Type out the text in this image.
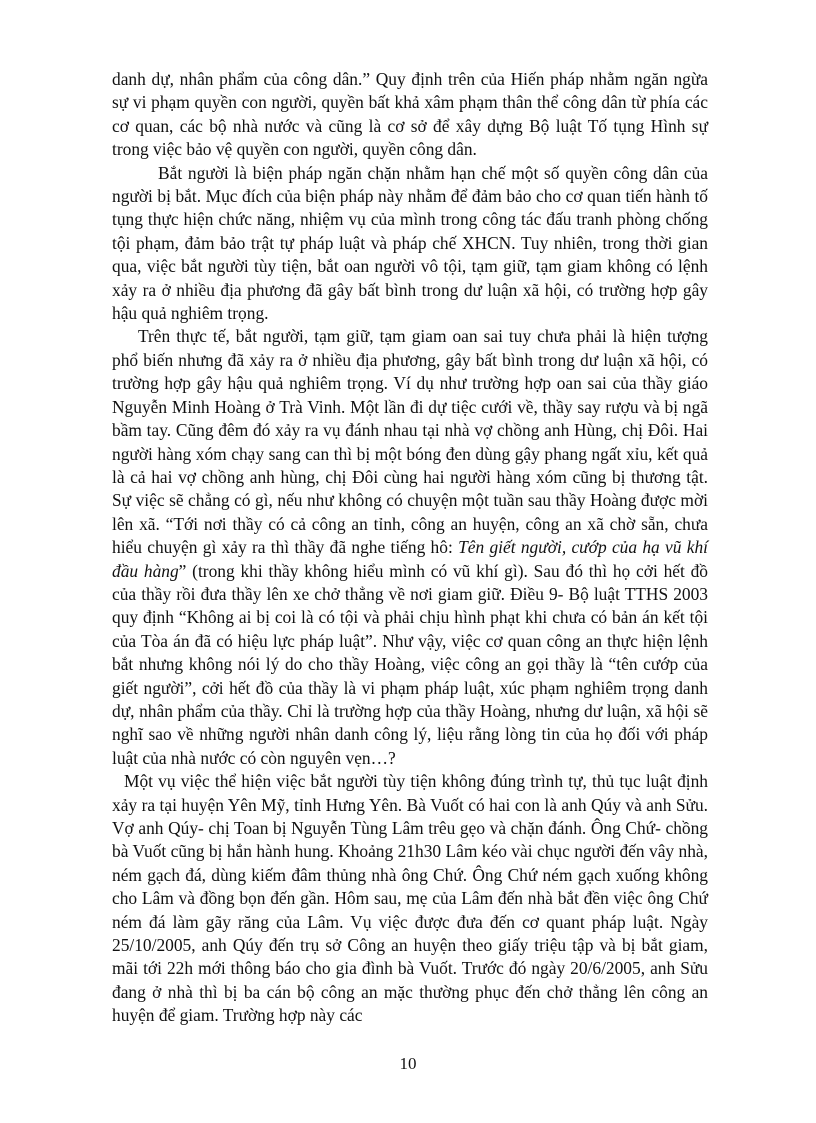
danh dự, nhân phẩm của công dân.” Quy định trên của Hiến pháp nhằm ngăn ngừa sự vi phạm quyền con người, quyền bất khả xâm phạm thân thể công dân từ phía các cơ quan, các bộ nhà nước và cũng là cơ sở để xây dựng Bộ luật Tố tụng Hình sự trong việc bảo vệ quyền con người, quyền công dân.

Bắt người là biện pháp ngăn chặn nhằm hạn chế một số quyền công dân của người bị bắt. Mục đích của biện pháp này nhằm để đảm bảo cho cơ quan tiến hành tố tụng thực hiện chức năng, nhiệm vụ của mình trong công tác đấu tranh phòng chống tội phạm, đảm bảo trật tự pháp luật và pháp chế XHCN. Tuy nhiên, trong thời gian qua, việc bắt người tùy tiện, bắt oan người vô tội, tạm giữ, tạm giam không có lệnh xảy ra ở nhiều địa phương đã gây bất bình trong dư luận xã hội, có trường hợp gây hậu quả nghiêm trọng.

Trên thực tế, bắt người, tạm giữ, tạm giam oan sai tuy chưa phải là hiện tượng phổ biến nhưng đã xảy ra ở nhiều địa phương, gây bất bình trong dư luận xã hội, có trường hợp gây hậu quả nghiêm trọng. Ví dụ như trường hợp oan sai của thầy giáo Nguyễn Minh Hoàng ở Trà Vinh. Một lần đi dự tiệc cưới về, thầy say rượu và bị ngã bầm tay. Cũng đêm đó xảy ra vụ đánh nhau tại nhà vợ chồng anh Hùng, chị Đôi. Hai người hàng xóm chạy sang can thì bị một bóng đen dùng gậy phang ngất xỉu, kết quả là cả hai vợ chồng anh hùng, chị Đôi cùng hai người hàng xóm cũng bị thương tật. Sự việc sẽ chẳng có gì, nếu như không có chuyện một tuần sau thầy Hoàng được mời lên xã. “Tới nơi thầy có cả công an tỉnh, công an huyện, công an xã chờ sẵn, chưa hiểu chuyện gì xảy ra thì thầy đã nghe tiếng hô: Tên giết người, cướp của hạ vũ khí đầu hàng” (trong khi thầy không hiểu mình có vũ khí gì). Sau đó thì họ cởi hết đồ của thầy rồi đưa thầy lên xe chở thẳng về nơi giam giữ. Điều 9- Bộ luật TTHS 2003 quy định “Không ai bị coi là có tội và phải chịu hình phạt khi chưa có bản án kết tội của Tòa án đã có hiệu lực pháp luật”. Như vậy, việc cơ quan công an thực hiện lệnh bắt nhưng không nói lý do cho thầy Hoàng, việc công an gọi thầy là “tên cướp của giết người”, cởi hết đồ của thầy là vi phạm pháp luật, xúc phạm nghiêm trọng danh dự, nhân phẩm của thầy. Chỉ là trường hợp của thầy Hoàng, nhưng dư luận, xã hội sẽ nghĩ sao về những người nhân danh công lý, liệu rằng lòng tin của họ đối với pháp luật của nhà nước có còn nguyên vẹn…?

Một vụ việc thể hiện việc bắt người tùy tiện không đúng trình tự, thủ tục luật định xảy ra tại huyện Yên Mỹ, tỉnh Hưng Yên. Bà Vuốt có hai con là anh Qúy và anh Sửu. Vợ anh Qúy- chị Toan bị Nguyễn Tùng Lâm trêu gẹo và chặn đánh. Ông Chứ- chồng bà Vuốt cũng bị hắn hành hung. Khoảng 21h30 Lâm kéo vài chục người đến vây nhà, ném gạch đá, dùng kiếm đâm thủng nhà ông Chứ. Ông Chứ ném gạch xuống không cho Lâm và đồng bọn đến gần. Hôm sau, mẹ của Lâm đến nhà bắt đền việc ông Chứ ném đá làm gãy răng của Lâm. Vụ việc được đưa đến cơ quant pháp luật. Ngày 25/10/2005, anh Qúy đến trụ sở Công an huyện theo giấy triệu tập và bị bắt giam, mãi tới 22h mới thông báo cho gia đình bà Vuốt. Trước đó ngày 20/6/2005, anh Sửu đang ở nhà thì bị ba cán bộ công an mặc thường phục đến chở thẳng lên công an huyện để giam. Trường hợp này các

10
